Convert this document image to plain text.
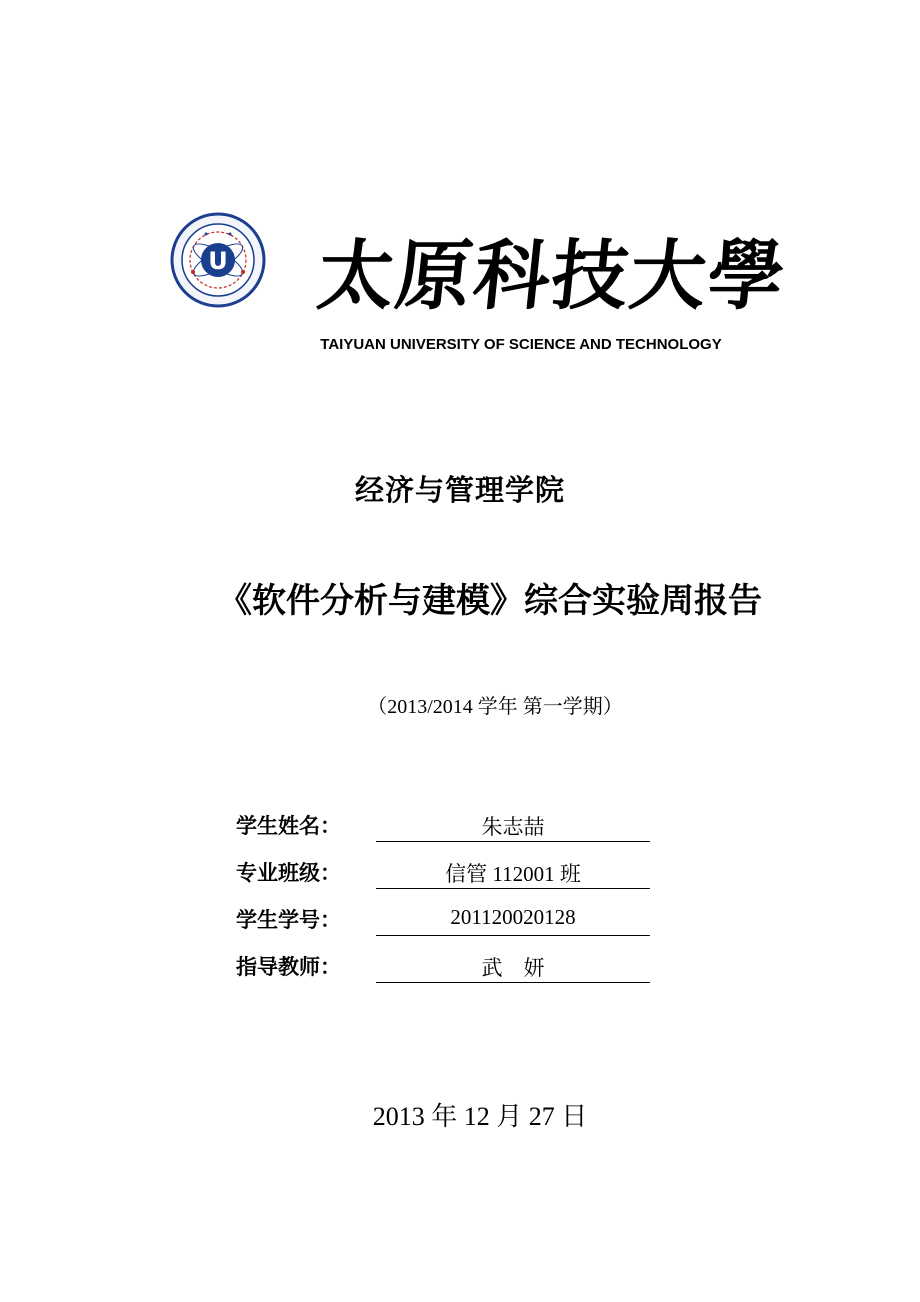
U 太原科技大學
TAIYUAN UNIVERSITY OF SCIENCE AND TECHNOLOGY
经济与管理学院
《软件分析与建模》综合实验周报告
（2013/2014 学年 第一学期）
学生姓名：	朱志喆
专业班级：	信管 112001 班
学生学号：	201120020128
指导教师：	武    妍
2013 年 12 月 27 日
